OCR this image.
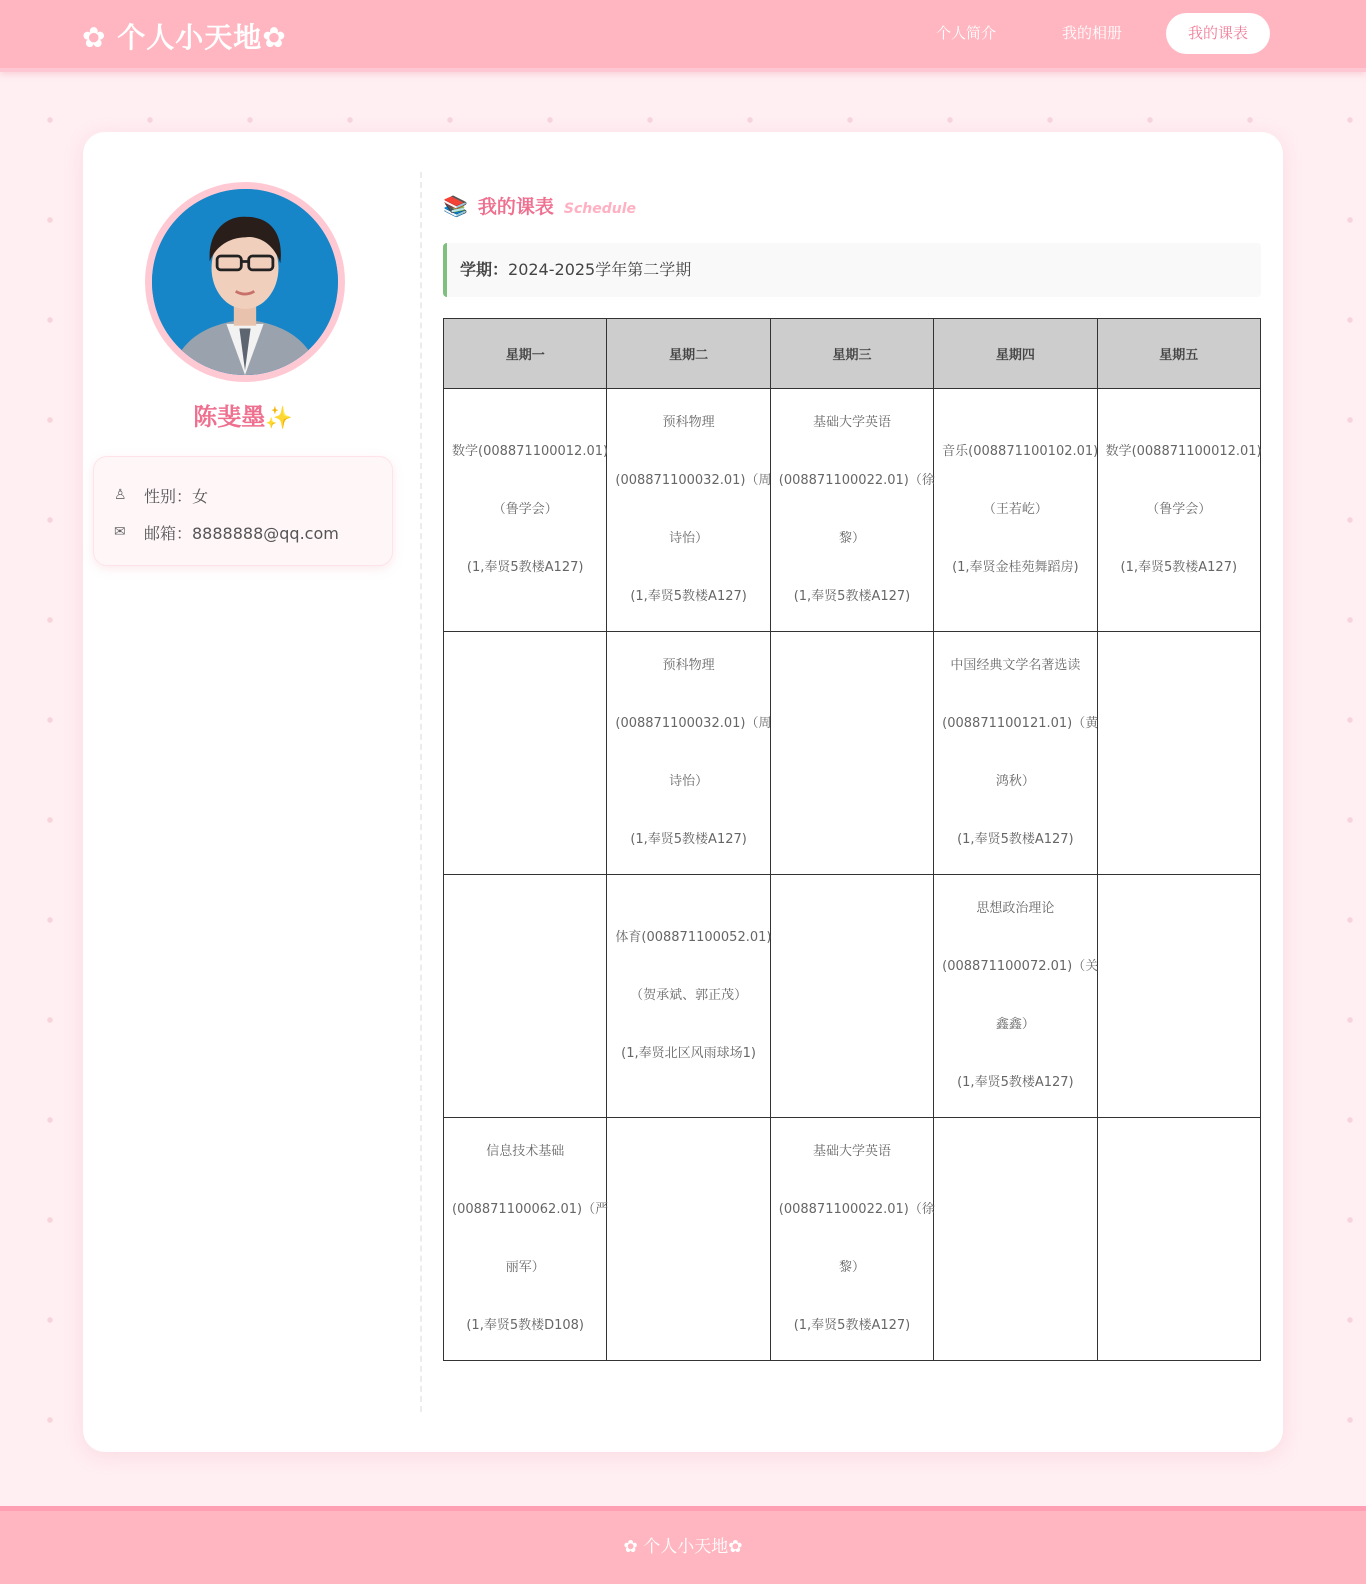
✿ 个人小天地✿	个人简介	我的相册	我的课表
陈斐墨✨
♙	性别：女
✉	邮箱：8888888@qq.com
📚 我的课表 Schedule
学期：2024-2025学年第二学期
星期一	星期二	星期三	星期四	星期五

数学(008871100012.01)
（鲁学会）
(1,奉贤5教楼A127)	预科物理
(008871100032.01)（周
诗怡）
(1,奉贤5教楼A127)	基础大学英语
(008871100022.01)（徐
黎）
(1,奉贤5教楼A127)	音乐(008871100102.01)
（王若屹）
(1,奉贤金桂苑舞蹈房)	数学(008871100012.01)
（鲁学会）
(1,奉贤5教楼A127)

	预科物理
(008871100032.01)（周
诗怡）
(1,奉贤5教楼A127)		中国经典文学名著选读
(008871100121.01)（黄
鸿秋）
(1,奉贤5教楼A127)	

	体育(008871100052.01)
（贺承斌、郭正茂）
(1,奉贤北区风雨球场1)		思想政治理论
(008871100072.01)（关
鑫鑫）
(1,奉贤5教楼A127)	

信息技术基础
(008871100062.01)（严
丽军）
(1,奉贤5教楼D108)		基础大学英语
(008871100022.01)（徐
黎）
(1,奉贤5教楼A127)		

✿ 个人小天地✿
